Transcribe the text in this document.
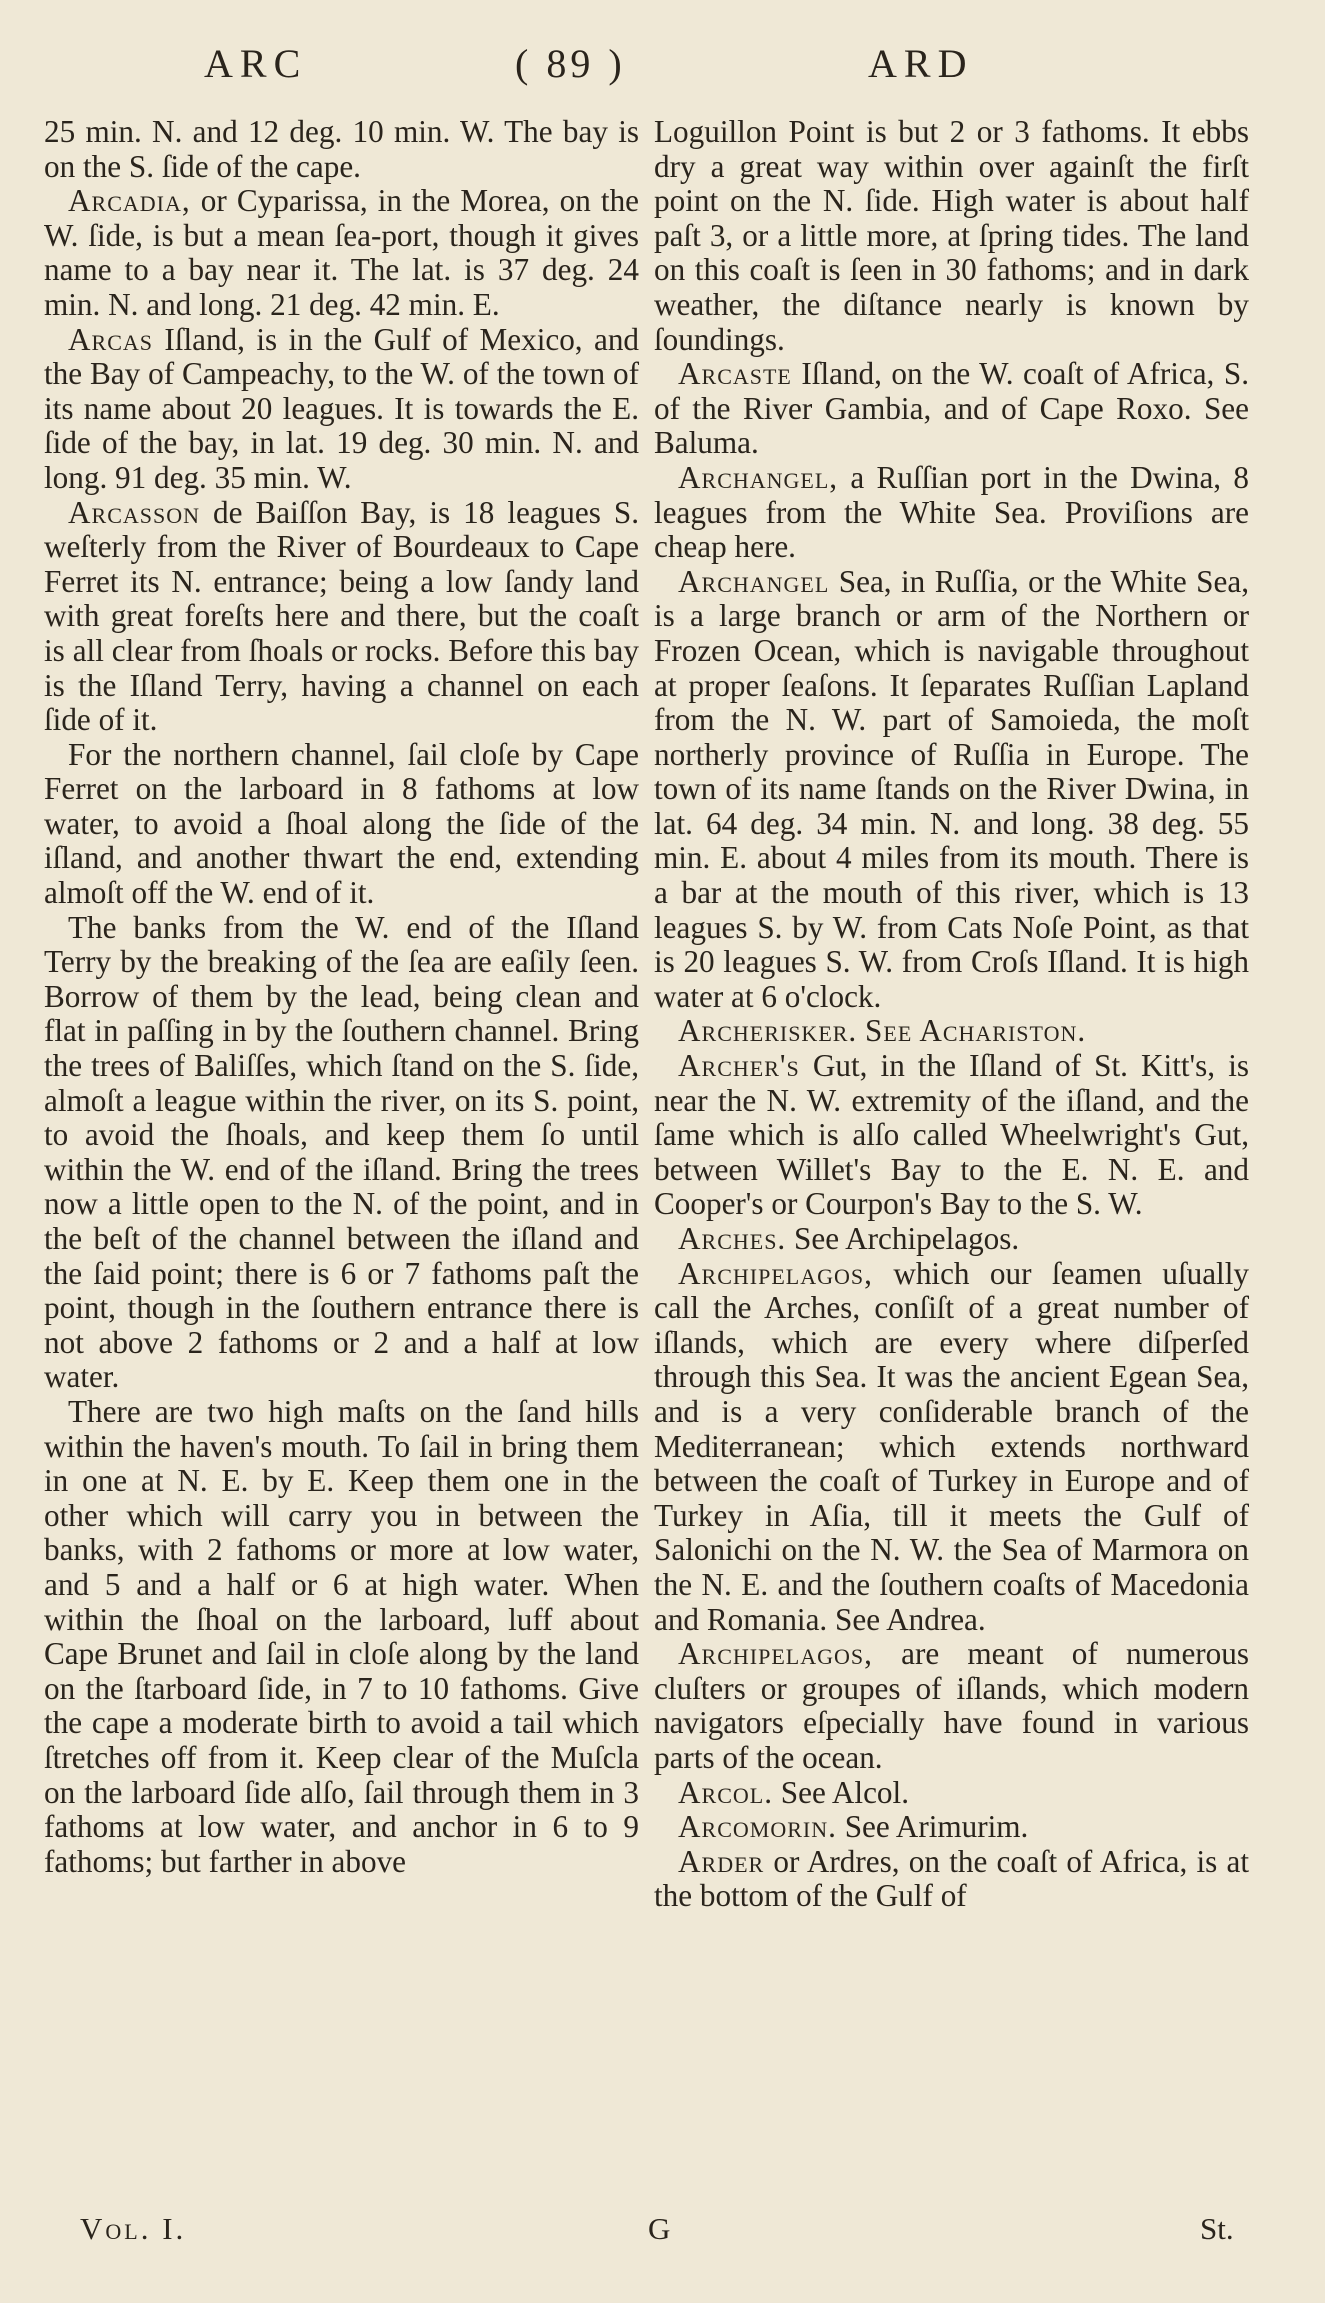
ARC	( 89 )	ARD

25 min. N. and 12 deg. 10 min. W. The bay is on the S. ſide of the cape.

Arcadia, or Cyparissa, in the Morea, on the W. ſide, is but a mean ſea-port, though it gives name to a bay near it. The lat. is 37 deg. 24 min. N. and long. 21 deg. 42 min. E.

Arcas Iſland, is in the Gulf of Mexico, and the Bay of Campeachy, to the W. of the town of its name about 20 leagues. It is towards the E. ſide of the bay, in lat. 19 deg. 30 min. N. and long. 91 deg. 35 min. W.

Arcasson de Baiſſon Bay, is 18 leagues S. weſterly from the River of Bourdeaux to Cape Ferret its N. entrance; being a low ſandy land with great foreſts here and there, but the coaſt is all clear from ſhoals or rocks. Before this bay is the Iſland Terry, having a channel on each ſide of it.

For the northern channel, ſail cloſe by Cape Ferret on the larboard in 8 fathoms at low water, to avoid a ſhoal along the ſide of the iſland, and another thwart the end, extending almoſt off the W. end of it.

The banks from the W. end of the Iſland Terry by the breaking of the ſea are eaſily ſeen. Borrow of them by the lead, being clean and flat in paſſing in by the ſouthern channel. Bring the trees of Baliſſes, which ſtand on the S. ſide, almoſt a league within the river, on its S. point, to avoid the ſhoals, and keep them ſo until within the W. end of the iſland. Bring the trees now a little open to the N. of the point, and in the beſt of the channel between the iſland and the ſaid point; there is 6 or 7 fathoms paſt the point, though in the ſouthern entrance there is not above 2 fathoms or 2 and a half at low water.

There are two high maſts on the ſand hills within the haven's mouth. To ſail in bring them in one at N. E. by E. Keep them one in the other which will carry you in between the banks, with 2 fathoms or more at low water, and 5 and a half or 6 at high water. When within the ſhoal on the larboard, luff about Cape Brunet and ſail in cloſe along by the land on the ſtarboard ſide, in 7 to 10 fathoms. Give the cape a moderate birth to avoid a tail which ſtretches off from it. Keep clear of the Muſcla on the larboard ſide alſo, ſail through them in 3 fathoms at low water, and anchor in 6 to 9 fathoms; but farther in above

Loguillon Point is but 2 or 3 fathoms. It ebbs dry a great way within over againſt the firſt point on the N. ſide. High water is about half paſt 3, or a little more, at ſpring tides. The land on this coaſt is ſeen in 30 fathoms; and in dark weather, the diſtance nearly is known by ſoundings.

Arcaste Iſland, on the W. coaſt of Africa, S. of the River Gambia, and of Cape Roxo. See Baluma.

Archangel, a Ruſſian port in the Dwina, 8 leagues from the White Sea. Proviſions are cheap here.

Archangel Sea, in Ruſſia, or the White Sea, is a large branch or arm of the Northern or Frozen Ocean, which is navigable throughout at proper ſeaſons. It ſeparates Ruſſian Lapland from the N. W. part of Samoieda, the moſt northerly province of Ruſſia in Europe. The town of its name ſtands on the River Dwina, in lat. 64 deg. 34 min. N. and long. 38 deg. 55 min. E. about 4 miles from its mouth. There is a bar at the mouth of this river, which is 13 leagues S. by W. from Cats Noſe Point, as that is 20 leagues S. W. from Croſs Iſland. It is high water at 6 o'clock.

Archerisker. See Achariston.

Archer's Gut, in the Iſland of St. Kitt's, is near the N. W. extremity of the iſland, and the ſame which is alſo called Wheelwright's Gut, between Willet's Bay to the E. N. E. and Cooper's or Courpon's Bay to the S. W.

Arches. See Archipelagos.

Archipelagos, which our ſeamen uſually call the Arches, conſiſt of a great number of iſlands, which are every where diſperſed through this Sea. It was the ancient Egean Sea, and is a very conſiderable branch of the Mediterranean; which extends northward between the coaſt of Turkey in Europe and of Turkey in Aſia, till it meets the Gulf of Salonichi on the N. W. the Sea of Marmora on the N. E. and the ſouthern coaſts of Macedonia and Romania. See Andrea.

Archipelagos, are meant of numerous cluſters or groupes of iſlands, which modern navigators eſpecially have found in various parts of the ocean.

Arcol. See Alcol.

Arcomorin. See Arimurim.

Arder or Ardres, on the coaſt of Africa, is at the bottom of the Gulf of

Vol. I.	G	St.
